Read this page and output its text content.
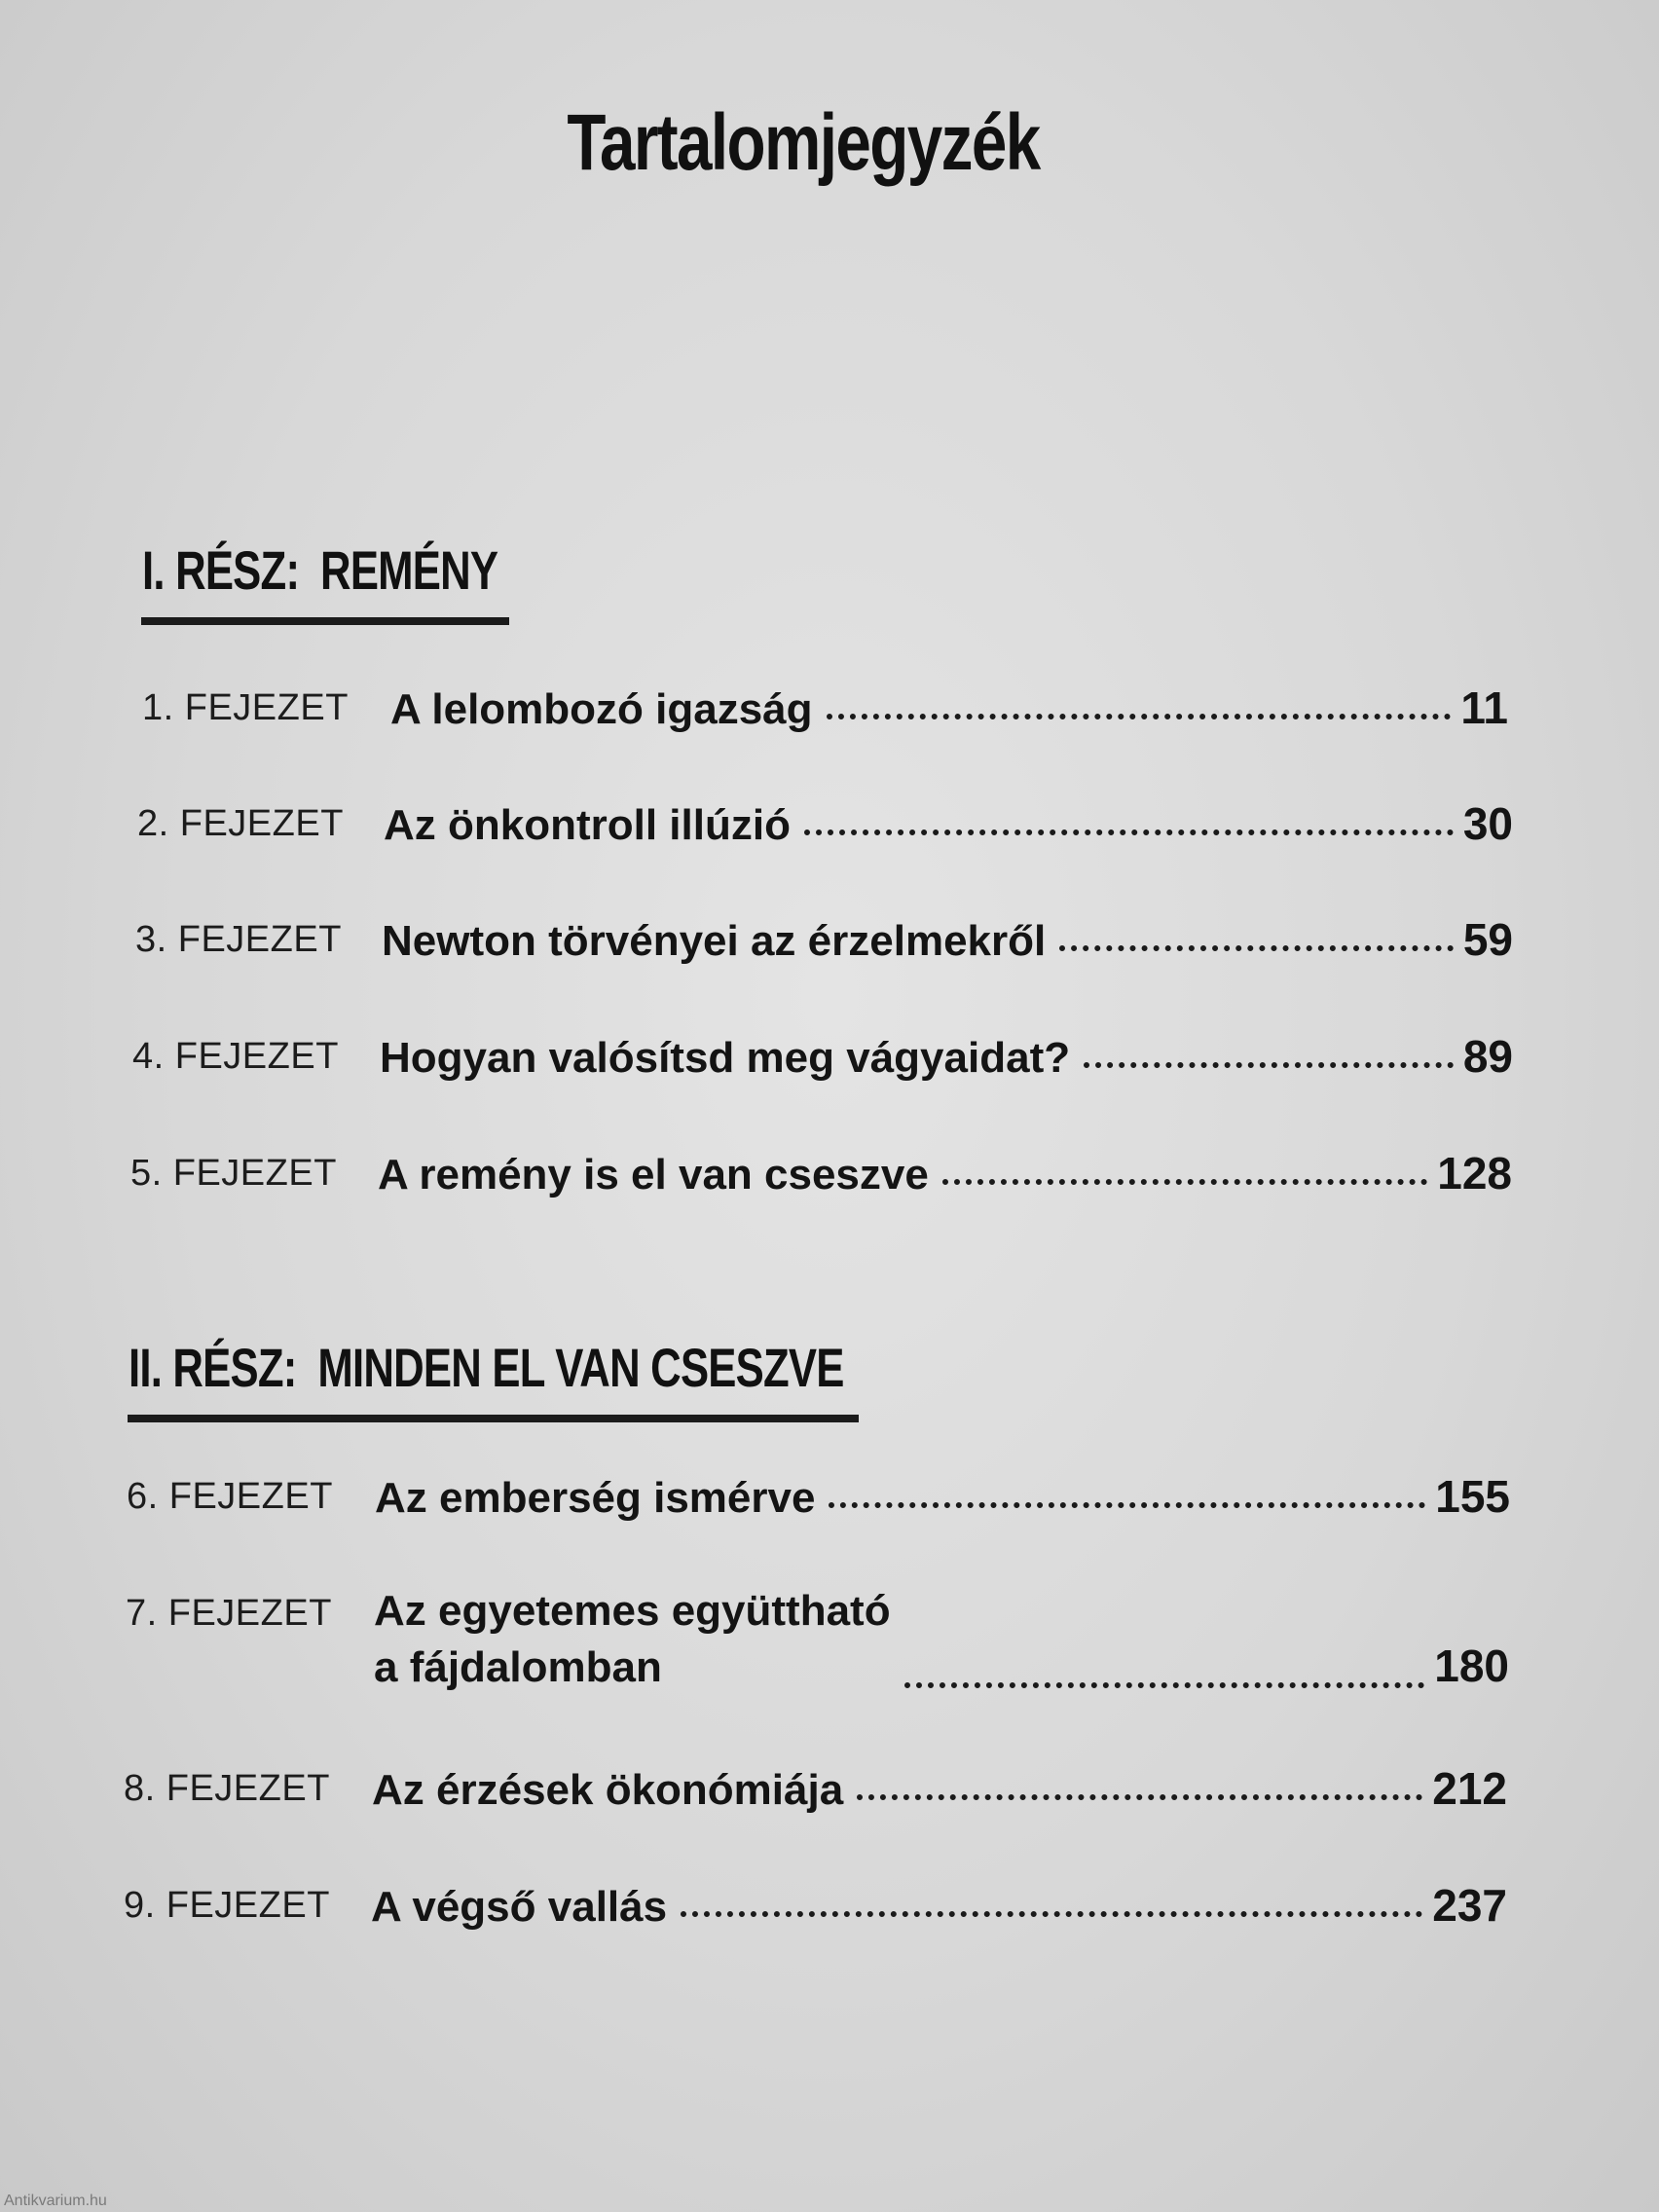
Tartalomjegyzék
I. RÉSZ: REMÉNY
1. FEJEZET A lelombozó igazság	11
2. FEJEZET Az önkontroll illúzió	30
3. FEJEZET Newton törvényei az érzelmekről	59
4. FEJEZET Hogyan valósítsd meg vágyaidat?	89
5. FEJEZET A remény is el van cseszve	128
II. RÉSZ: MINDEN EL VAN CSESZVE
6. FEJEZET Az emberség ismérve	155
7. FEJEZET Az egyetemes együttható
a fájdalomban	180
8. FEJEZET Az érzések ökonómiája	212
9. FEJEZET A végső vallás	237
Antikvarium.hu
